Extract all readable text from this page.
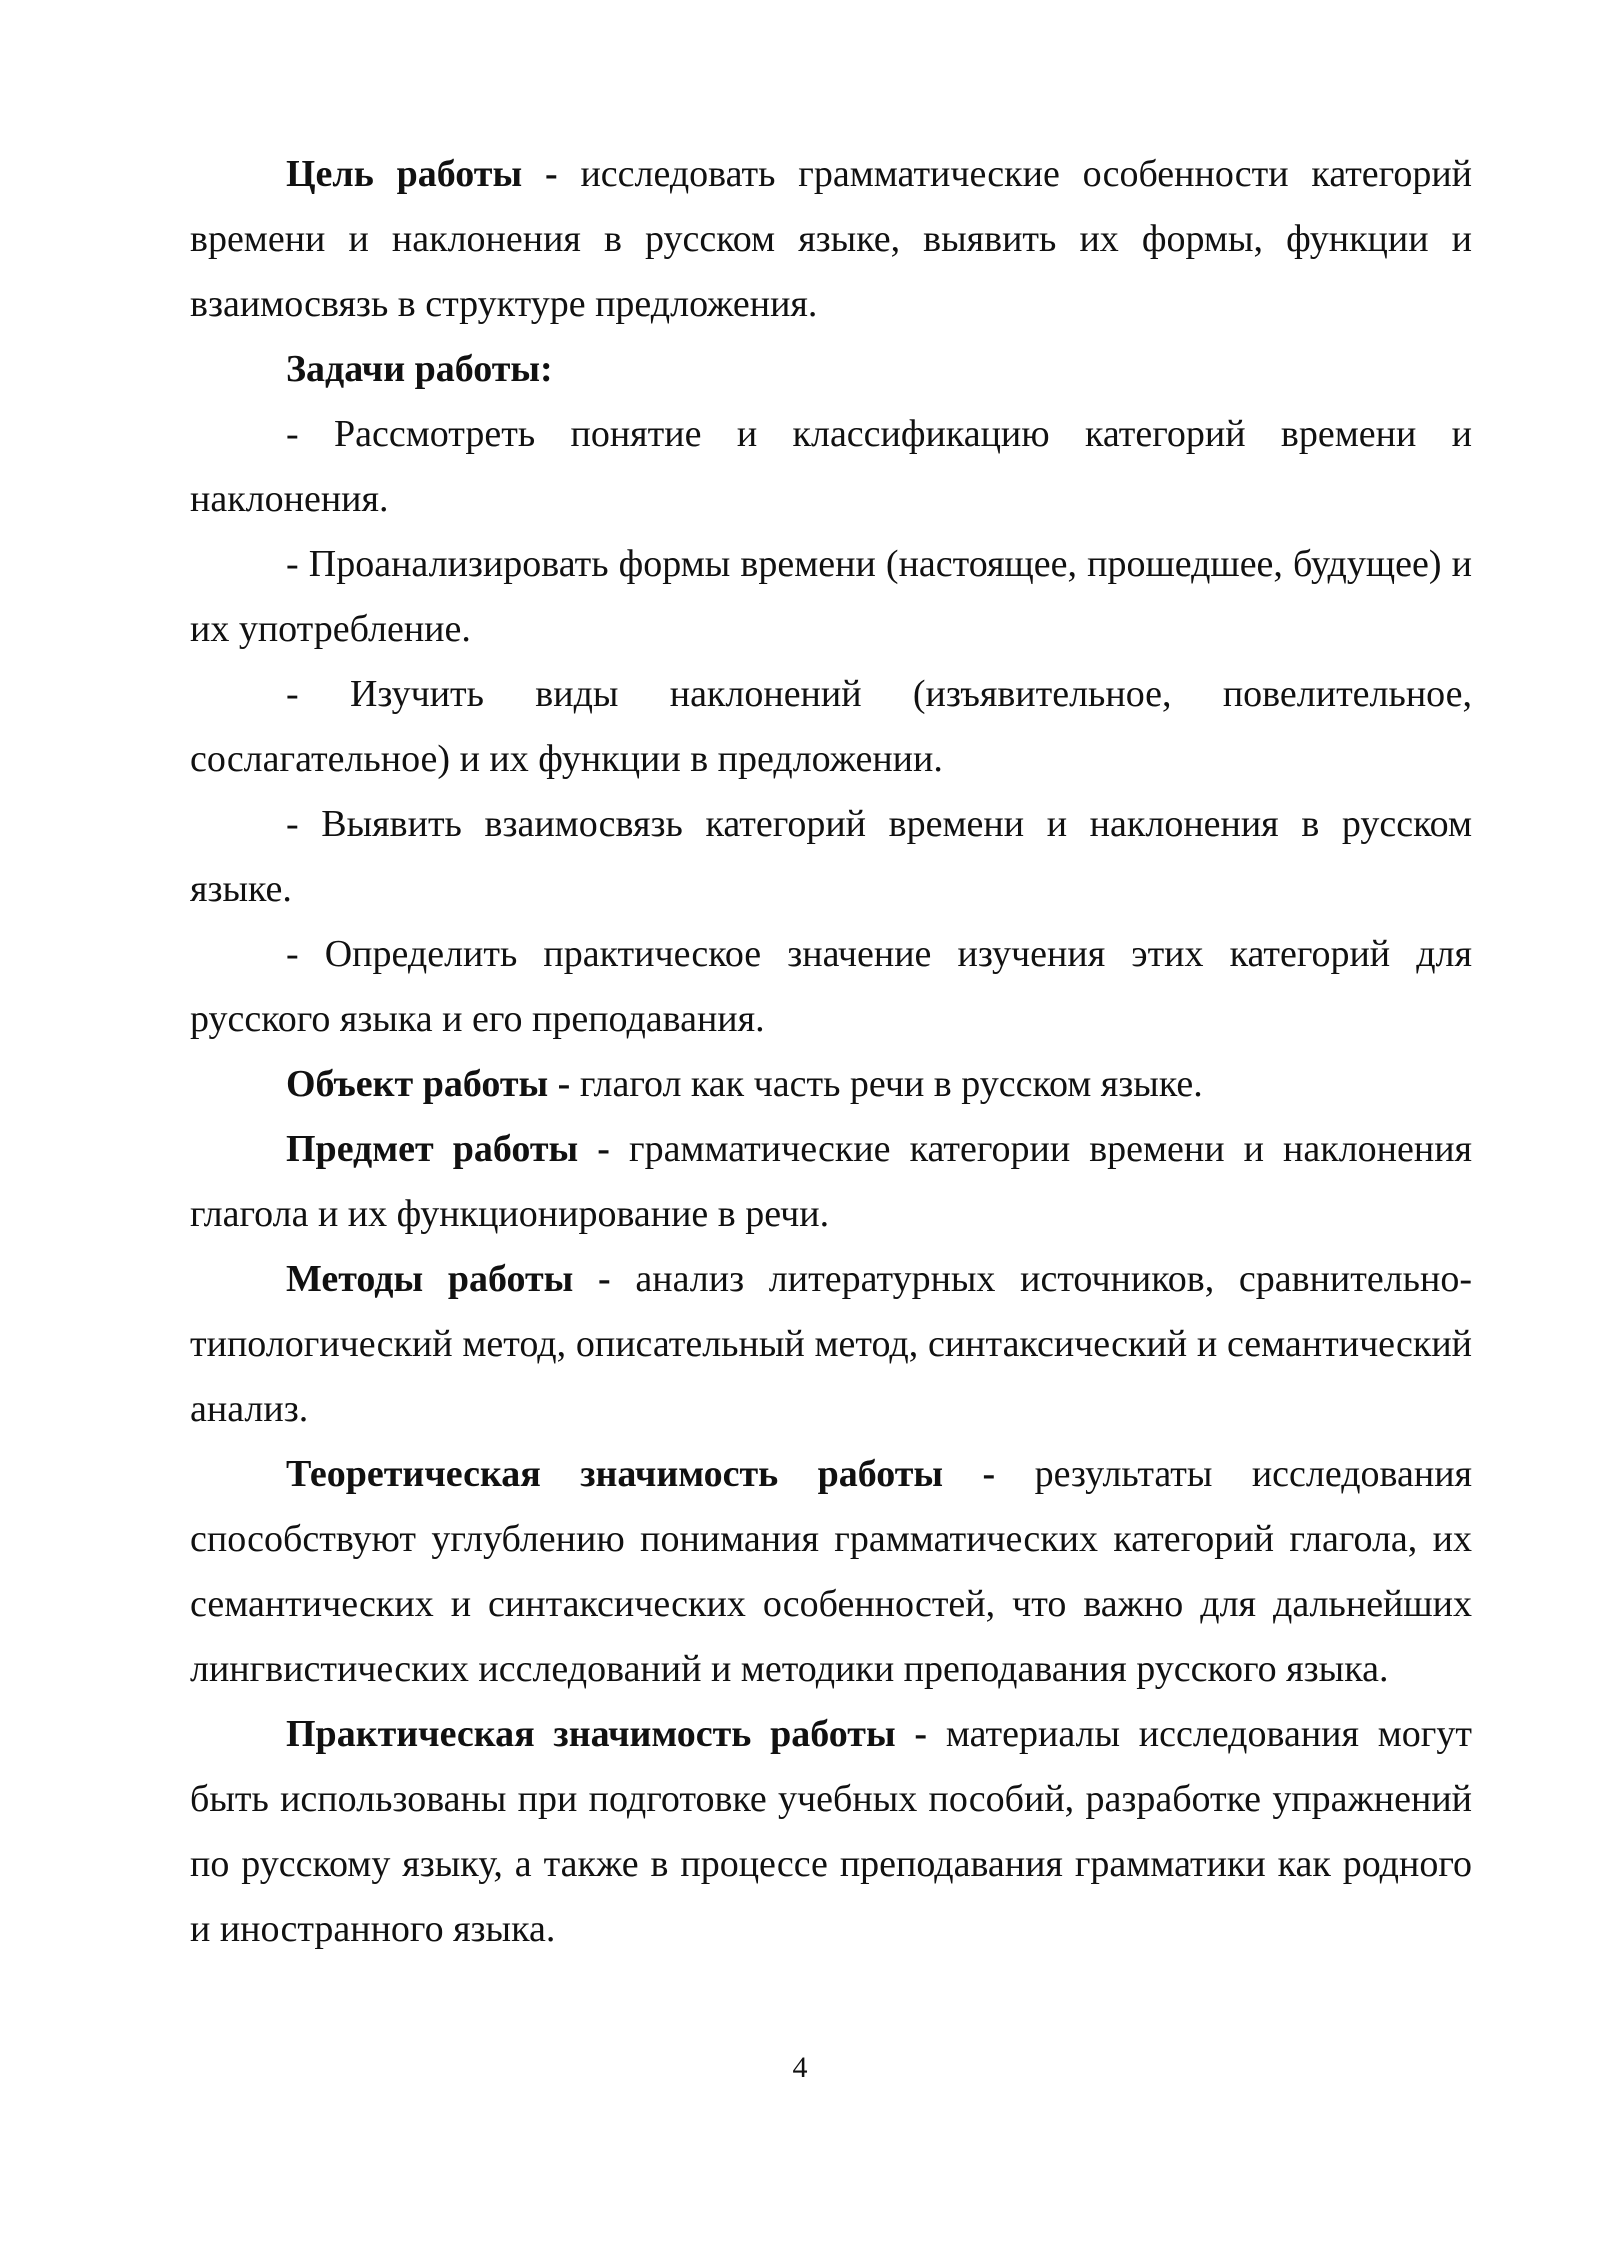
Цель работы - исследовать грамматические особенности категорий времени и наклонения в русском языке, выявить их формы, функции и взаимосвязь в структуре предложения.

Задачи работы:

- Рассмотреть понятие и классификацию категорий времени и наклонения.

- Проанализировать формы времени (настоящее, прошедшее, будущее) и их употребление.

- Изучить виды наклонений (изъявительное, повелительное, сослагательное) и их функции в предложении.

- Выявить взаимосвязь категорий времени и наклонения в русском языке.

- Определить практическое значение изучения этих категорий для русского языка и его преподавания.

Объект работы - глагол как часть речи в русском языке.

Предмет работы - грамматические категории времени и наклонения глагола и их функционирование в речи.

Методы работы - анализ литературных источников, сравнительно-типологический метод, описательный метод, синтаксический и семантический анализ.

Теоретическая значимость работы - результаты исследования способствуют углублению понимания грамматических категорий глагола, их семантических и синтаксических особенностей, что важно для дальнейших лингвистических исследований и методики преподавания русского языка.

Практическая значимость работы - материалы исследования могут быть использованы при подготовке учебных пособий, разработке упражнений по русскому языку, а также в процессе преподавания грамматики как родного и иностранного языка.

4
